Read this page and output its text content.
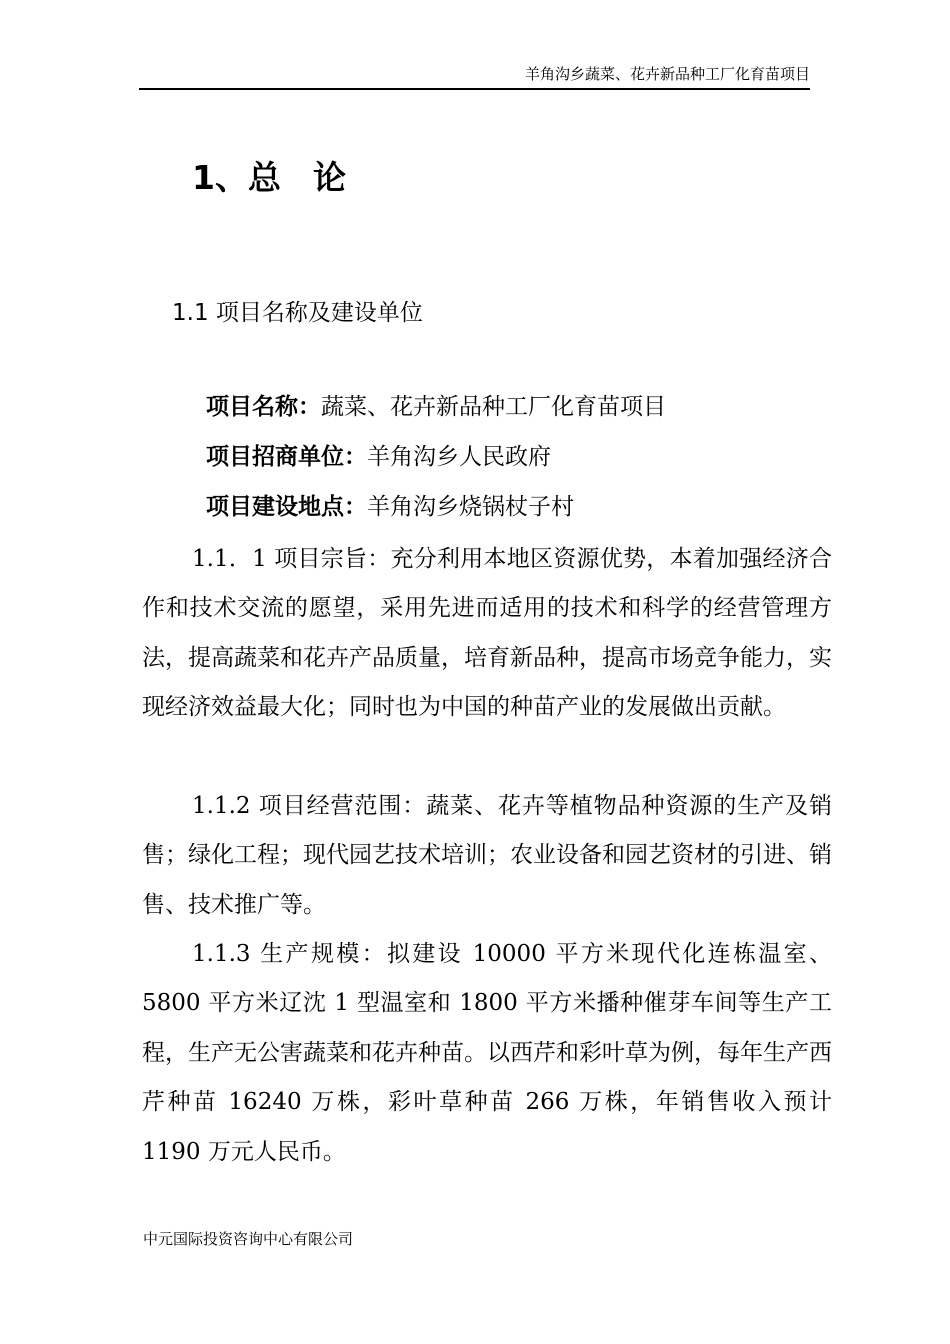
羊角沟乡蔬菜、花卉新品种工厂化育苗项目
1、总 论
1.1 项目名称及建设单位
项目名称：蔬菜、花卉新品种工厂化育苗项目
项目招商单位：羊角沟乡人民政府
项目建设地点：羊角沟乡烧锅杖子村
1.1．1 项目宗旨：充分利用本地区资源优势，本着加强经济合作和技术交流的愿望，采用先进而适用的技术和科学的经营管理方法，提高蔬菜和花卉产品质量，培育新品种，提高市场竞争能力，实现经济效益最大化；同时也为中国的种苗产业的发展做出贡献。
1.1.2 项目经营范围：蔬菜、花卉等植物品种资源的生产及销售；绿化工程；现代园艺技术培训；农业设备和园艺资材的引进、销售、技术推广等。
1.1.3 生产规模：拟建设 10000 平方米现代化连栋温室、5800 平方米辽沈 1 型温室和 1800 平方米播种催芽车间等生产工程，生产无公害蔬菜和花卉种苗。以西芹和彩叶草为例，每年生产西芹种苗 16240 万株，彩叶草种苗 266 万株，年销售收入预计 1190 万元人民币。
中元国际投资咨询中心有限公司
